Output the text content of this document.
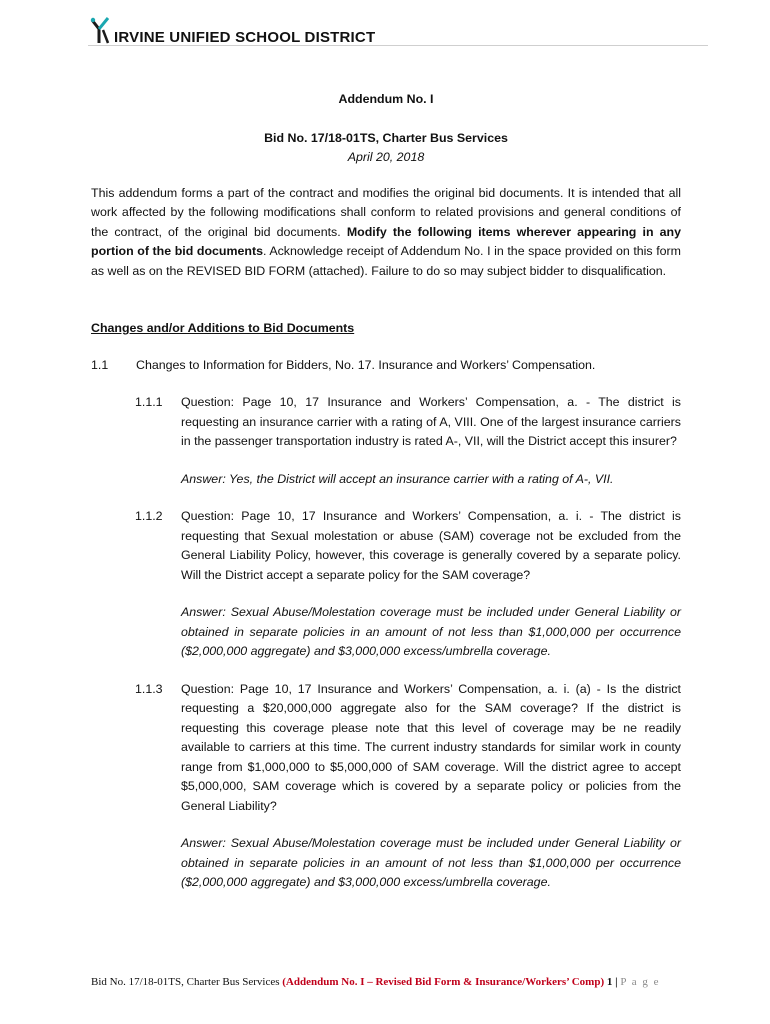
IRVINE UNIFIED SCHOOL DISTRICT

Addendum No. I

Bid No. 17/18-01TS, Charter Bus Services

April 20, 2018

This addendum forms a part of the contract and modifies the original bid documents. It is intended that all work affected by the following modifications shall conform to related provisions and general conditions of the contract, of the original bid documents. Modify the following items wherever appearing in any portion of the bid documents. Acknowledge receipt of Addendum No. I in the space provided on this form as well as on the REVISED BID FORM (attached). Failure to do so may subject bidder to disqualification.

Changes and/or Additions to Bid Documents

1.1 Changes to Information for Bidders, No. 17. Insurance and Workers’ Compensation.
1.1.1 Question: Page 10, 17 Insurance and Workers’ Compensation, a. - The district is requesting an insurance carrier with a rating of A, VIII. One of the largest insurance carriers in the passenger transportation industry is rated A-, VII, will the District accept this insurer?

Answer: Yes, the District will accept an insurance carrier with a rating of A-, VII.

1.1.2 Question: Page 10, 17 Insurance and Workers’ Compensation, a. i. - The district is requesting that Sexual molestation or abuse (SAM) coverage not be excluded from the General Liability Policy, however, this coverage is generally covered by a separate policy. Will the District accept a separate policy for the SAM coverage?

Answer: Sexual Abuse/Molestation coverage must be included under General Liability or obtained in separate policies in an amount of not less than $1,000,000 per occurrence ($2,000,000 aggregate) and $3,000,000 excess/umbrella coverage.

1.1.3 Question: Page 10, 17 Insurance and Workers’ Compensation, a. i. (a) - Is the district requesting a $20,000,000 aggregate also for the SAM coverage? If the district is requesting this coverage please note that this level of coverage may be ne readily available to carriers at this time. The current industry standards for similar work in county range from $1,000,000 to $5,000,000 of SAM coverage. Will the district agree to accept $5,000,000, SAM coverage which is covered by a separate policy or policies from the General Liability?

Answer: Sexual Abuse/Molestation coverage must be included under General Liability or obtained in separate policies in an amount of not less than $1,000,000 per occurrence ($2,000,000 aggregate) and $3,000,000 excess/umbrella coverage.

Bid No. 17/18-01TS, Charter Bus Services (Addendum No. I – Revised Bid Form & Insurance/Workers’ Comp) 1 | P a g e
